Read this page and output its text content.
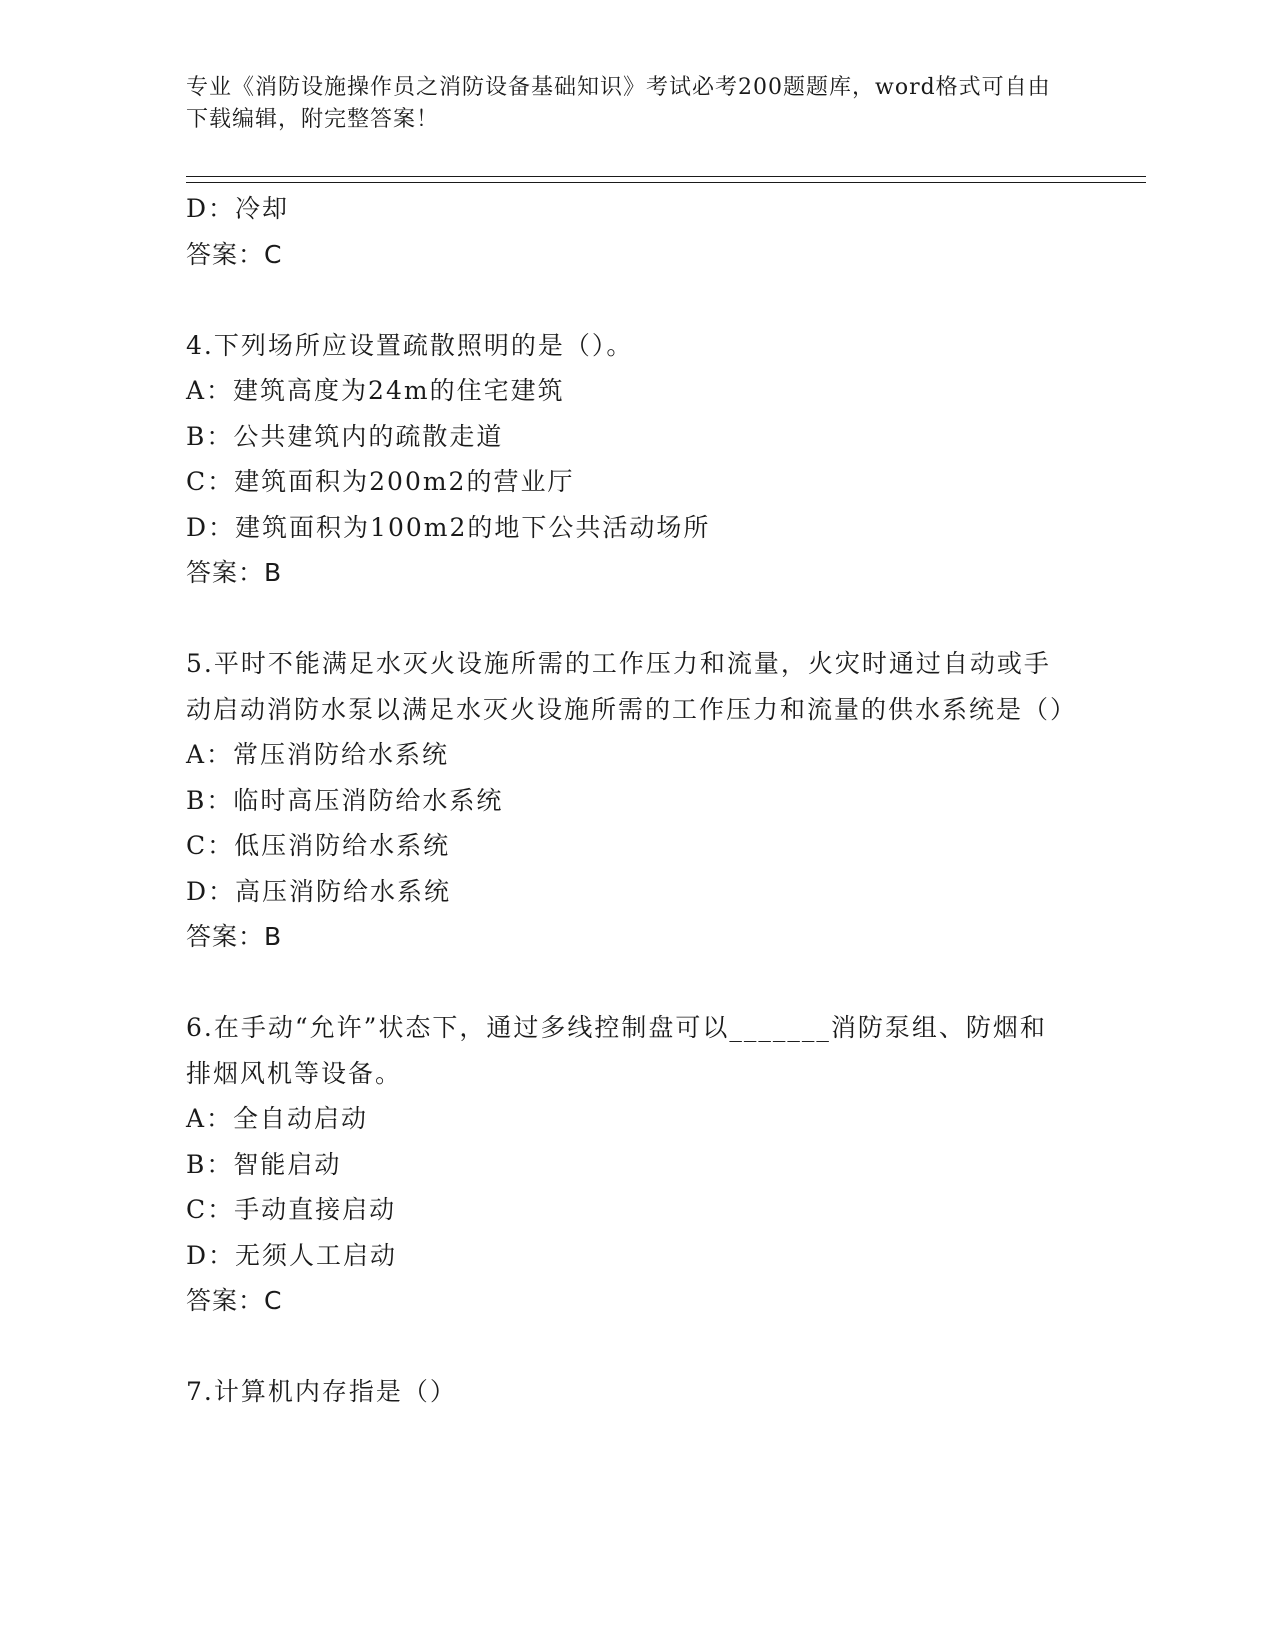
专业《消防设施操作员之消防设备基础知识》考试必考200题题库，word格式可自由下载编辑，附完整答案！
D：冷却
答案：C
4.下列场所应设置疏散照明的是（）。
A：建筑高度为24m的住宅建筑
B：公共建筑内的疏散走道
C：建筑面积为200m2的营业厅
D：建筑面积为100m2的地下公共活动场所
答案：B
5.平时不能满足水灭火设施所需的工作压力和流量，火灾时通过自动或手动启动消防水泵以满足水灭火设施所需的工作压力和流量的供水系统是（）
A：常压消防给水系统
B：临时高压消防给水系统
C：低压消防给水系统
D：高压消防给水系统
答案：B
6.在手动“允许”状态下，通过多线控制盘可以_______消防泵组、防烟和排烟风机等设备。
A：全自动启动
B：智能启动
C：手动直接启动
D：无须人工启动
答案：C
7.计算机内存指是（）
